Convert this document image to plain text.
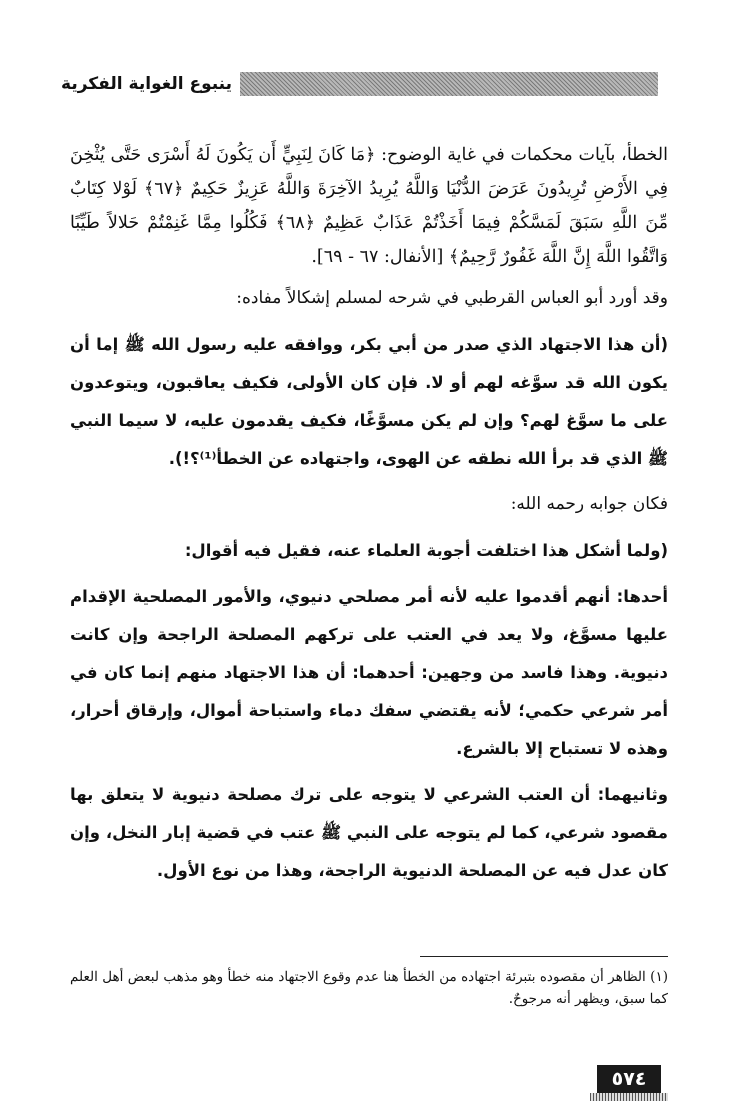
ينبوع الغواية الفكرية

الخطأ، بآيات محكمات في غاية الوضوح: ﴿مَا كَانَ لِنَبِيٍّ أَن يَكُونَ لَهُ أَسْرَى حَتَّى يُثْخِنَ فِي الأَرْضِ تُرِيدُونَ عَرَضَ الدُّنْيَا وَاللَّهُ يُرِيدُ الآخِرَةَ وَاللَّهُ عَزِيزٌ حَكِيمٌ ﴿٦٧﴾ لَوْلا كِتَابٌ مِّنَ اللَّهِ سَبَقَ لَمَسَّكُمْ فِيمَا أَخَذْتُمْ عَذَابٌ عَظِيمٌ ﴿٦٨﴾ فَكُلُوا مِمَّا غَنِمْتُمْ حَلالاً طَيِّبًا وَاتَّقُوا اللَّهَ إِنَّ اللَّهَ غَفُورٌ رَّحِيمٌ﴾ [الأنفال: ٦٧ - ٦٩].

وقد أورد أبو العباس القرطبي في شرحه لمسلم إشكالاً مفاده:

(أن هذا الاجتهاد الذي صدر من أبي بكر، ووافقه عليه رسول الله ﷺ إما أن يكون الله قد سوَّغه لهم أو لا. فإن كان الأولى، فكيف يعاقبون، ويتوعدون على ما سوَّغ لهم؟ وإن لم يكن مسوَّغًا، فكيف يقدمون عليه، لا سيما النبي ﷺ الذي قد برأ الله نطقه عن الهوى، واجتهاده عن الخطأ⁽¹⁾؟!).

فكان جوابه رحمه الله:

(ولما أشكل هذا اختلفت أجوبة العلماء عنه، فقيل فيه أقوال:

أحدها: أنهم أقدموا عليه لأنه أمر مصلحي دنيوي، والأمور المصلحية الإقدام عليها مسوَّغ، ولا يعد في العتب على تركهم المصلحة الراجحة وإن كانت دنيوية. وهذا فاسد من وجهين: أحدهما: أن هذا الاجتهاد منهم إنما كان في أمر شرعي حكمي؛ لأنه يقتضي سفك دماء واستباحة أموال، وإرقاق أحرار، وهذه لا تستباح إلا بالشرع.

وثانيهما: أن العتب الشرعي لا يتوجه على ترك مصلحة دنيوية لا يتعلق بها مقصود شرعي، كما لم يتوجه على النبي ﷺ عتب في قضية إبار النخل، وإن كان عدل فيه عن المصلحة الدنيوية الراجحة، وهذا من نوع الأول.

(١) الظاهر أن مقصوده بتبرئة اجتهاده من الخطأ هنا عدم وقوع الاجتهاد منه خطأ وهو مذهب لبعض أهل العلم كما سبق، ويظهر أنه مرجوحٌ.
٥٧٤
